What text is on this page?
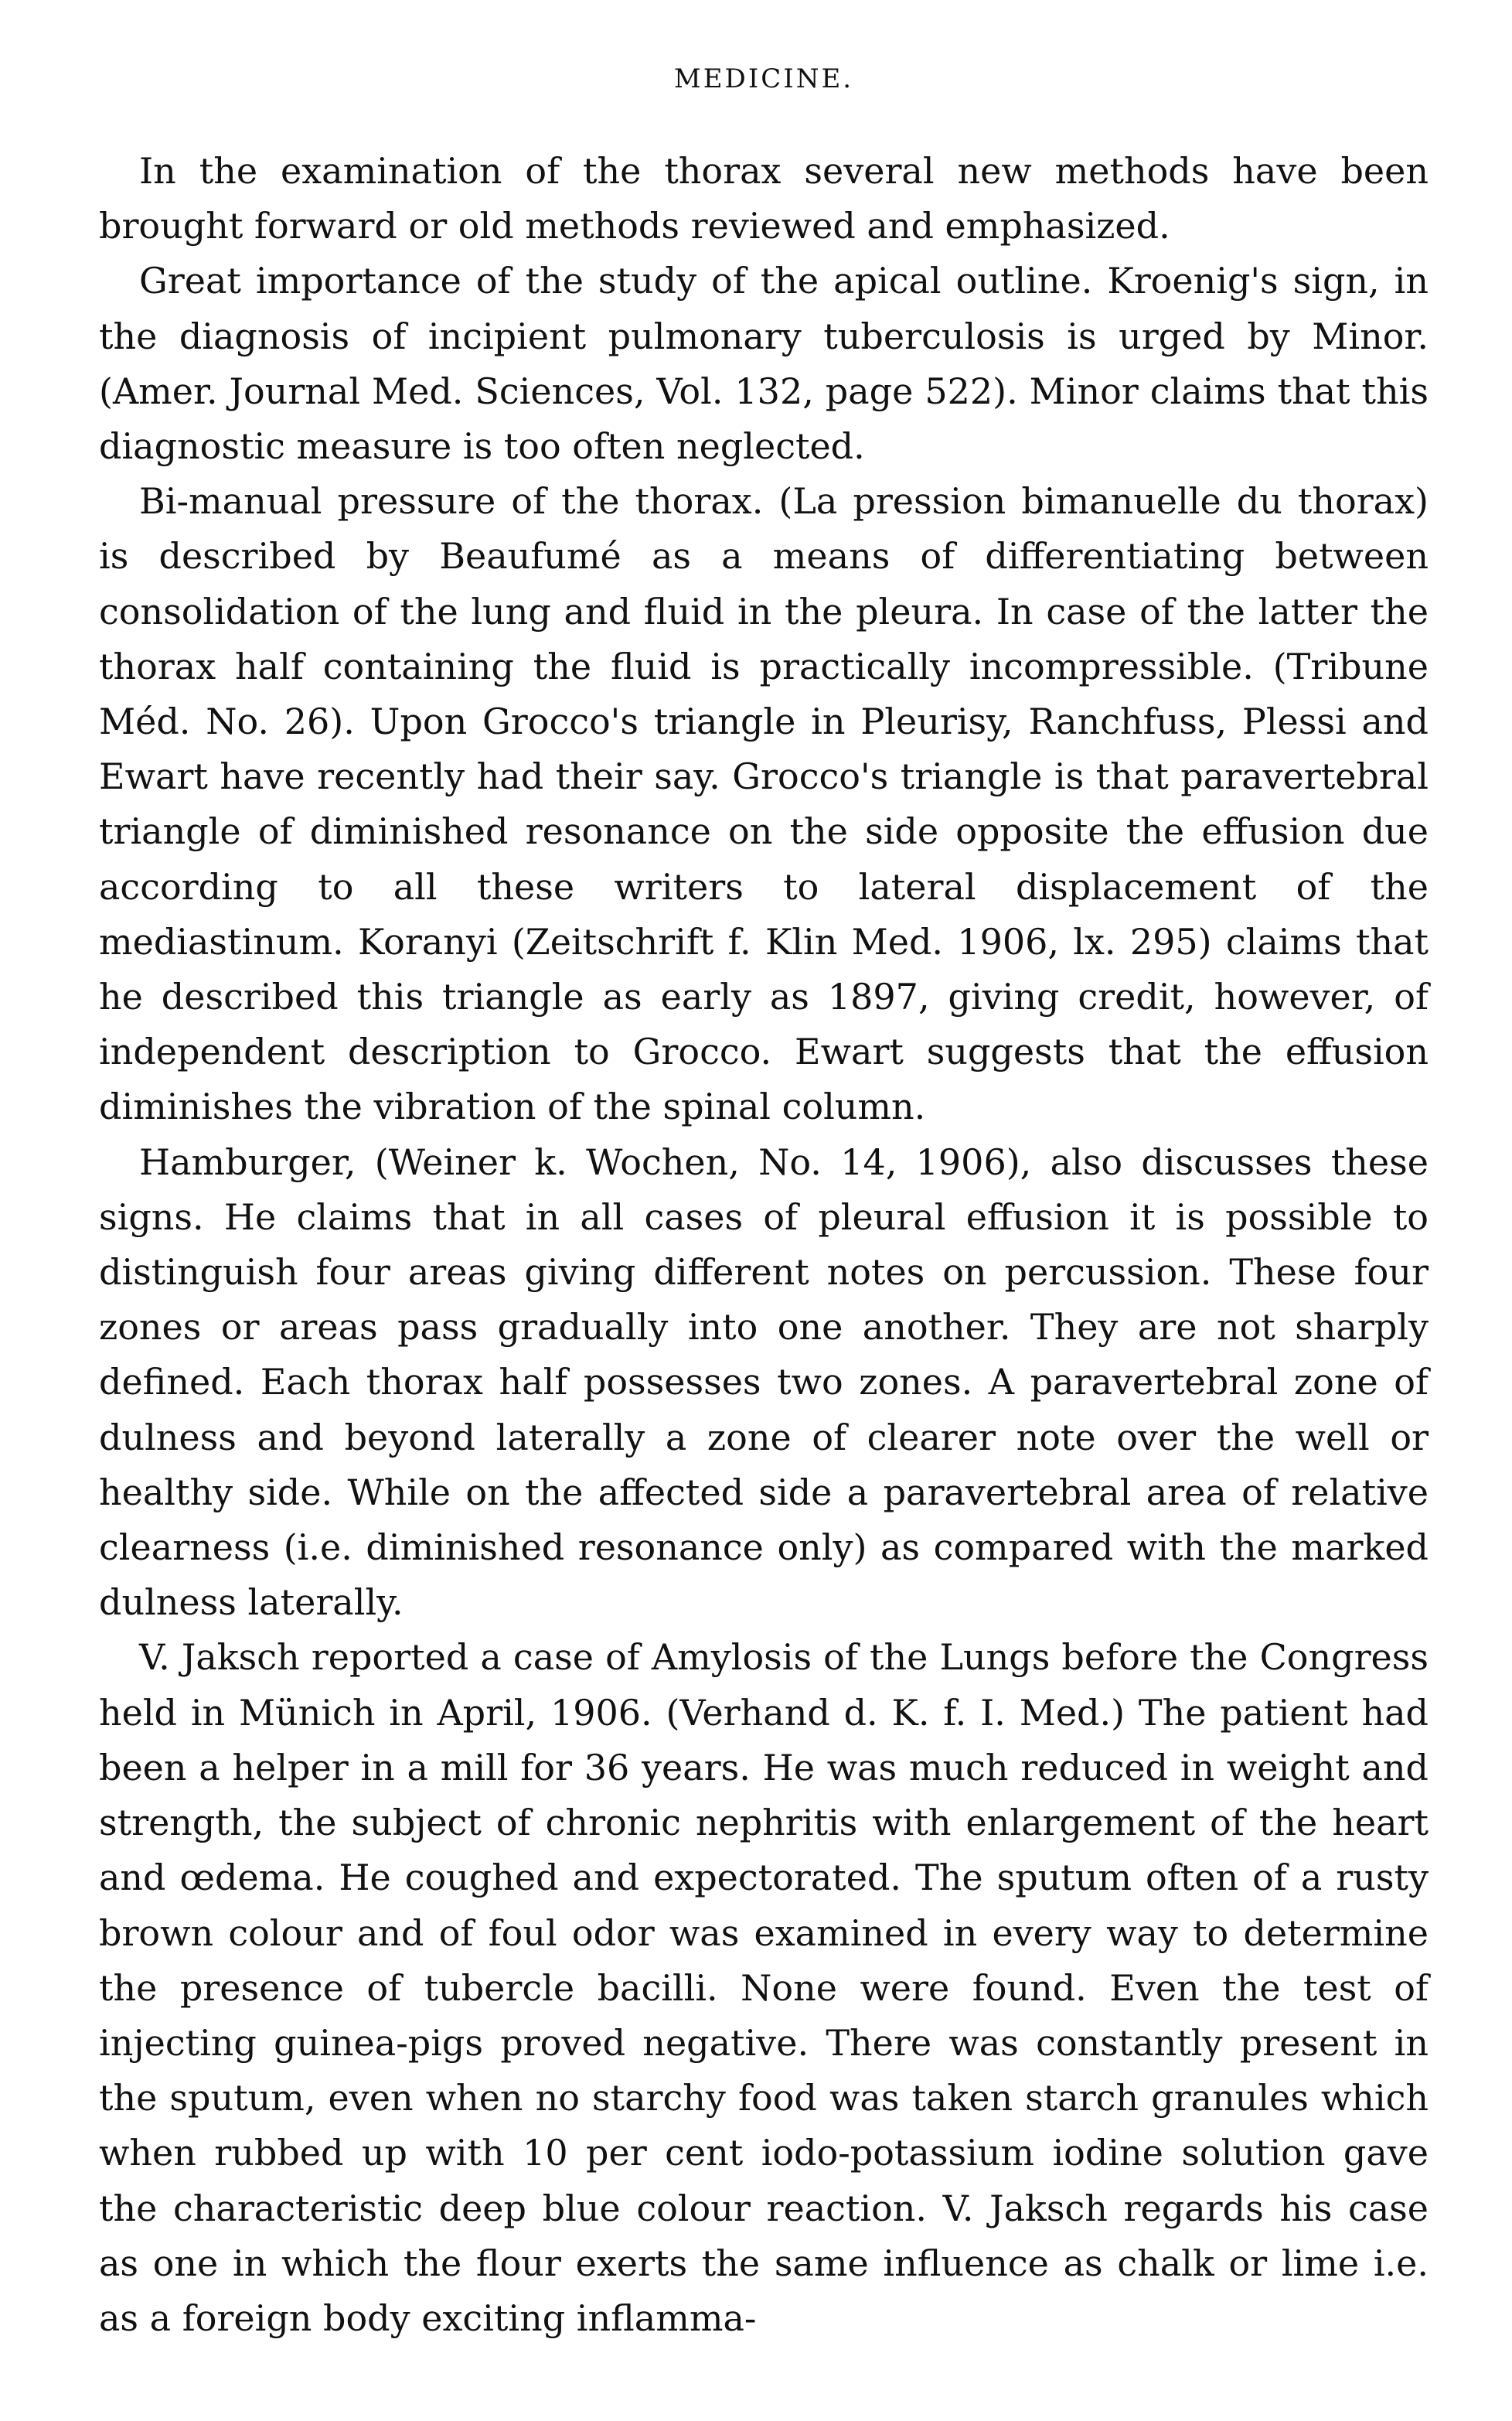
MEDICINE.

In the examination of the thorax several new methods have been brought forward or old methods reviewed and emphasized.

Great importance of the study of the apical outline. Kroenig's sign, in the diagnosis of incipient pulmonary tuberculosis is urged by Minor. (Amer. Journal Med. Sciences, Vol. 132, page 522). Minor claims that this diagnostic measure is too often neglected.

Bi-manual pressure of the thorax. (La pression bimanuelle du thorax) is described by Beaufumé as a means of differentiating between consolidation of the lung and fluid in the pleura. In case of the latter the thorax half containing the fluid is practically incompressible. (Tribune Méd. No. 26). Upon Grocco's triangle in Pleurisy, Ranchfuss, Plessi and Ewart have recently had their say. Grocco's triangle is that paravertebral triangle of diminished resonance on the side opposite the effusion due according to all these writers to lateral displacement of the mediastinum. Koranyi (Zeitschrift f. Klin Med. 1906, lx. 295) claims that he described this triangle as early as 1897, giving credit, however, of independent description to Grocco. Ewart suggests that the effusion diminishes the vibration of the spinal column.

Hamburger, (Weiner k. Wochen, No. 14, 1906), also discusses these signs. He claims that in all cases of pleural effusion it is possible to distinguish four areas giving different notes on percussion. These four zones or areas pass gradually into one another. They are not sharply defined. Each thorax half possesses two zones. A paravertebral zone of dulness and beyond laterally a zone of clearer note over the well or healthy side. While on the affected side a paravertebral area of relative clearness (i.e. diminished resonance only) as compared with the marked dulness laterally.

V. Jaksch reported a case of Amylosis of the Lungs before the Congress held in Münich in April, 1906. (Verhand d. K. f. I. Med.) The patient had been a helper in a mill for 36 years. He was much reduced in weight and strength, the subject of chronic nephritis with enlargement of the heart and œdema. He coughed and expectorated. The sputum often of a rusty brown colour and of foul odor was examined in every way to determine the presence of tubercle bacilli. None were found. Even the test of injecting guinea-pigs proved negative. There was constantly present in the sputum, even when no starchy food was taken starch granules which when rubbed up with 10 per cent iodo-potassium iodine solution gave the characteristic deep blue colour reaction. V. Jaksch regards his case as one in which the flour exerts the same influence as chalk or lime i.e. as a foreign body exciting inflamma-
